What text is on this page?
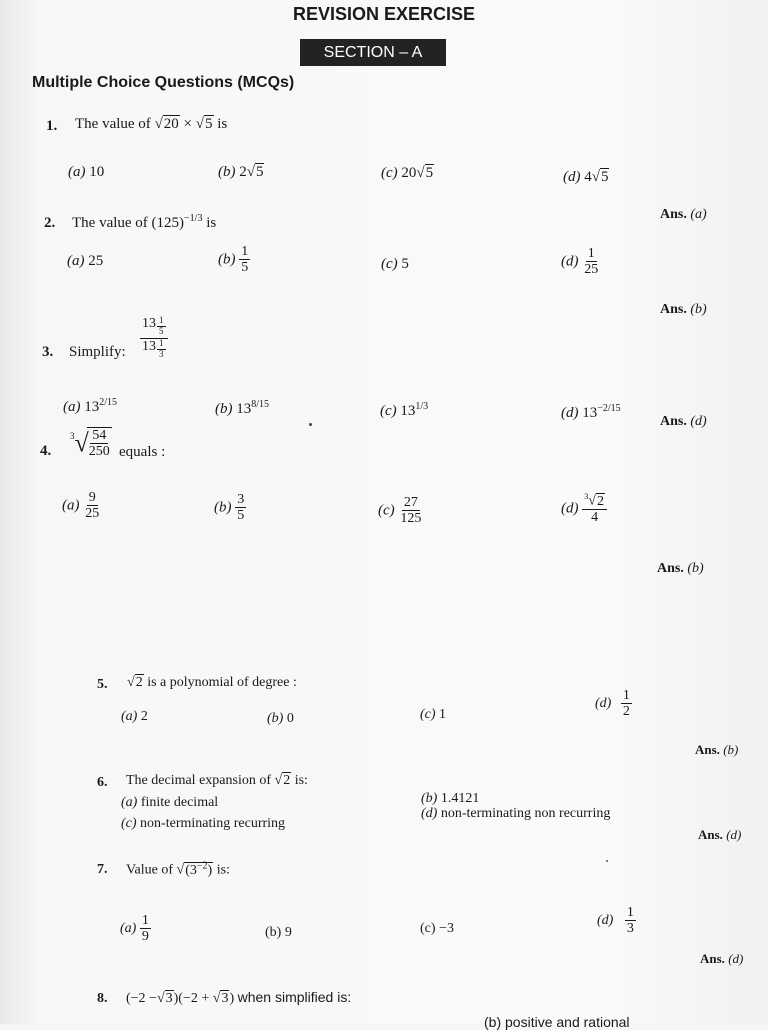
REVISION EXERCISE
SECTION – A
Multiple Choice Questions (MCQs)
1. The value of √20 × √5 is
(a) 10	(b) 2√5	(c) 20√5	(d) 4√5
Ans. (a)
2. The value of $(125)^{-1/3}$ is
(a) 25	$(b) \frac{1}{5}$	(c) 5	$(d) \frac{1}{25}$
Ans. (b)
3. Simplify: $\frac{13 \frac{1}{5}}{13 \frac{1}{3}}$
(a) $13^{2/15}$	(b) $13^{8/15}$	(c) $13^{1/3}$	(d) $13^{-2/15}$
Ans. (d)
4.
$^3$√
$\frac{54}{250}$ equals :
$(a) \frac{9}{25}$	$(b) \frac{3}{5}$	$(c) \frac{27}{125}$	$(d) \frac{^3√2}{4}$
Ans. (b)
5. √2 is a polynomial of degree :
(a) 2	(b) 0	(c) 1
$(d) \frac{1}{2}$
Ans. (b)
6. The decimal expansion of √2 is:
(a) finite decimal	(b) 1.4121
(c) non-terminating recurring
(d) non-terminating non recurring
Ans. (d)
7. Value of $√(3^{-2})$ is:
$(a) \frac{1}{9}$	(b) 9	(c) −3
$(d) \frac{1}{3}$
Ans. (d)
8. (−2 −√3)(−2 + √3) when simplified is:
(b) positive and rational
